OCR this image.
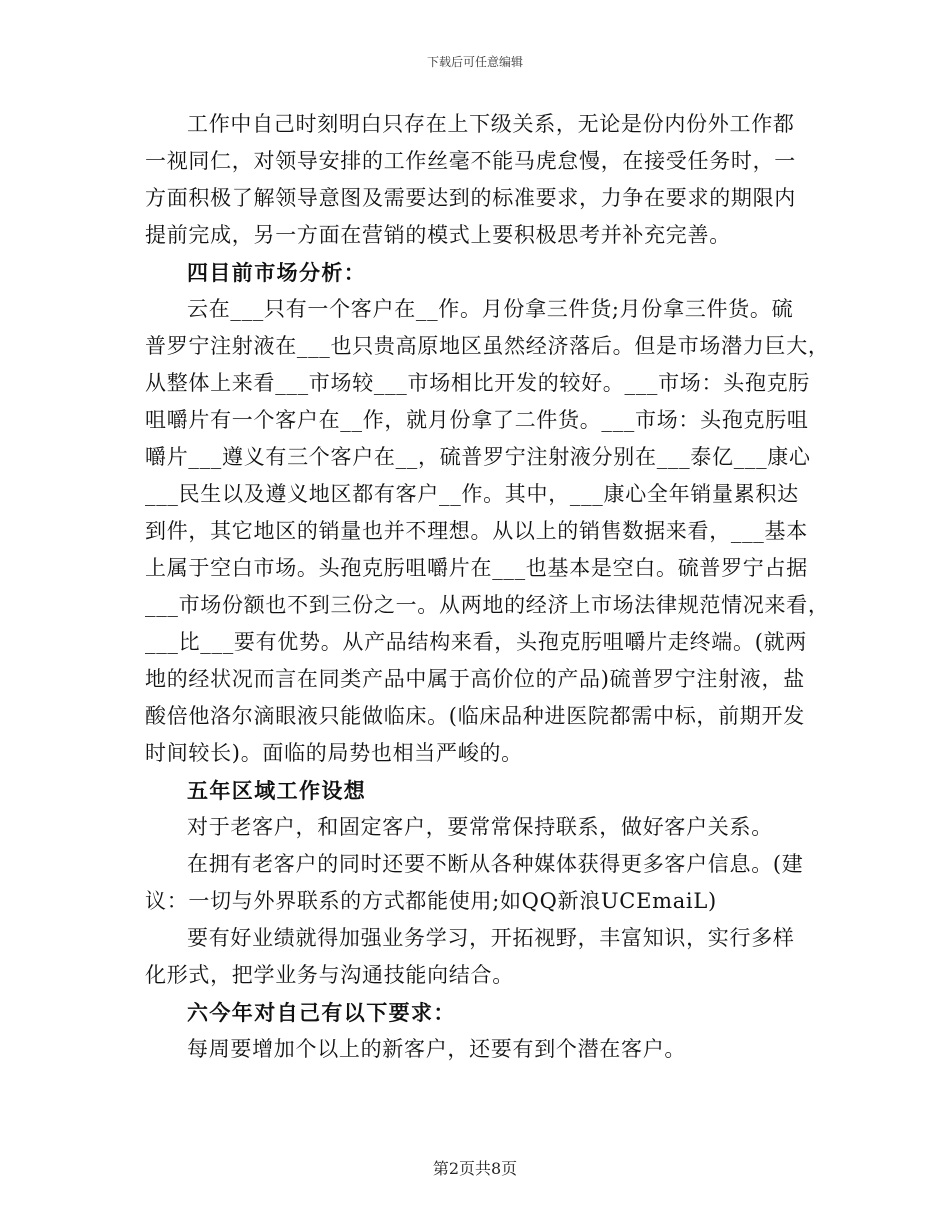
下载后可任意编辑
工作中自己时刻明白只存在上下级关系，无论是份内份外工作都
一视同仁，对领导安排的工作丝毫不能马虎怠慢，在接受任务时，一
方面积极了解领导意图及需要达到的标准要求，力争在要求的期限内
提前完成，另一方面在营销的模式上要积极思考并补充完善。
四目前市场分析：
云在___只有一个客户在__作。月份拿三件货;月份拿三件货。硫
普罗宁注射液在___也只贵高原地区虽然经济落后。但是市场潜力巨大，
从整体上来看___市场较___市场相比开发的较好。___市场：头孢克肟
咀嚼片有一个客户在__作，就月份拿了二件货。___市场：头孢克肟咀
嚼片___遵义有三个客户在__，硫普罗宁注射液分别在___泰亿___康心
___民生以及遵义地区都有客户__作。其中，___康心全年销量累积达
到件，其它地区的销量也并不理想。从以上的销售数据来看，___基本
上属于空白市场。头孢克肟咀嚼片在___也基本是空白。硫普罗宁占据
___市场份额也不到三份之一。从两地的经济上市场法律规范情况来看，
___比___要有优势。从产品结构来看，头孢克肟咀嚼片走终端。(就两
地的经状况而言在同类产品中属于高价位的产品)硫普罗宁注射液，盐
酸倍他洛尔滴眼液只能做临床。(临床品种进医院都需中标，前期开发
时间较长)。面临的局势也相当严峻的。
五年区域工作设想
对于老客户，和固定客户，要常常保持联系，做好客户关系。
在拥有老客户的同时还要不断从各种媒体获得更多客户信息。(建
议：一切与外界联系的方式都能使用;如QQ新浪UCEmaiL)
要有好业绩就得加强业务学习，开拓视野，丰富知识，实行多样
化形式，把学业务与沟通技能向结合。
六今年对自己有以下要求：
每周要增加个以上的新客户，还要有到个潜在客户。
第2页共8页
